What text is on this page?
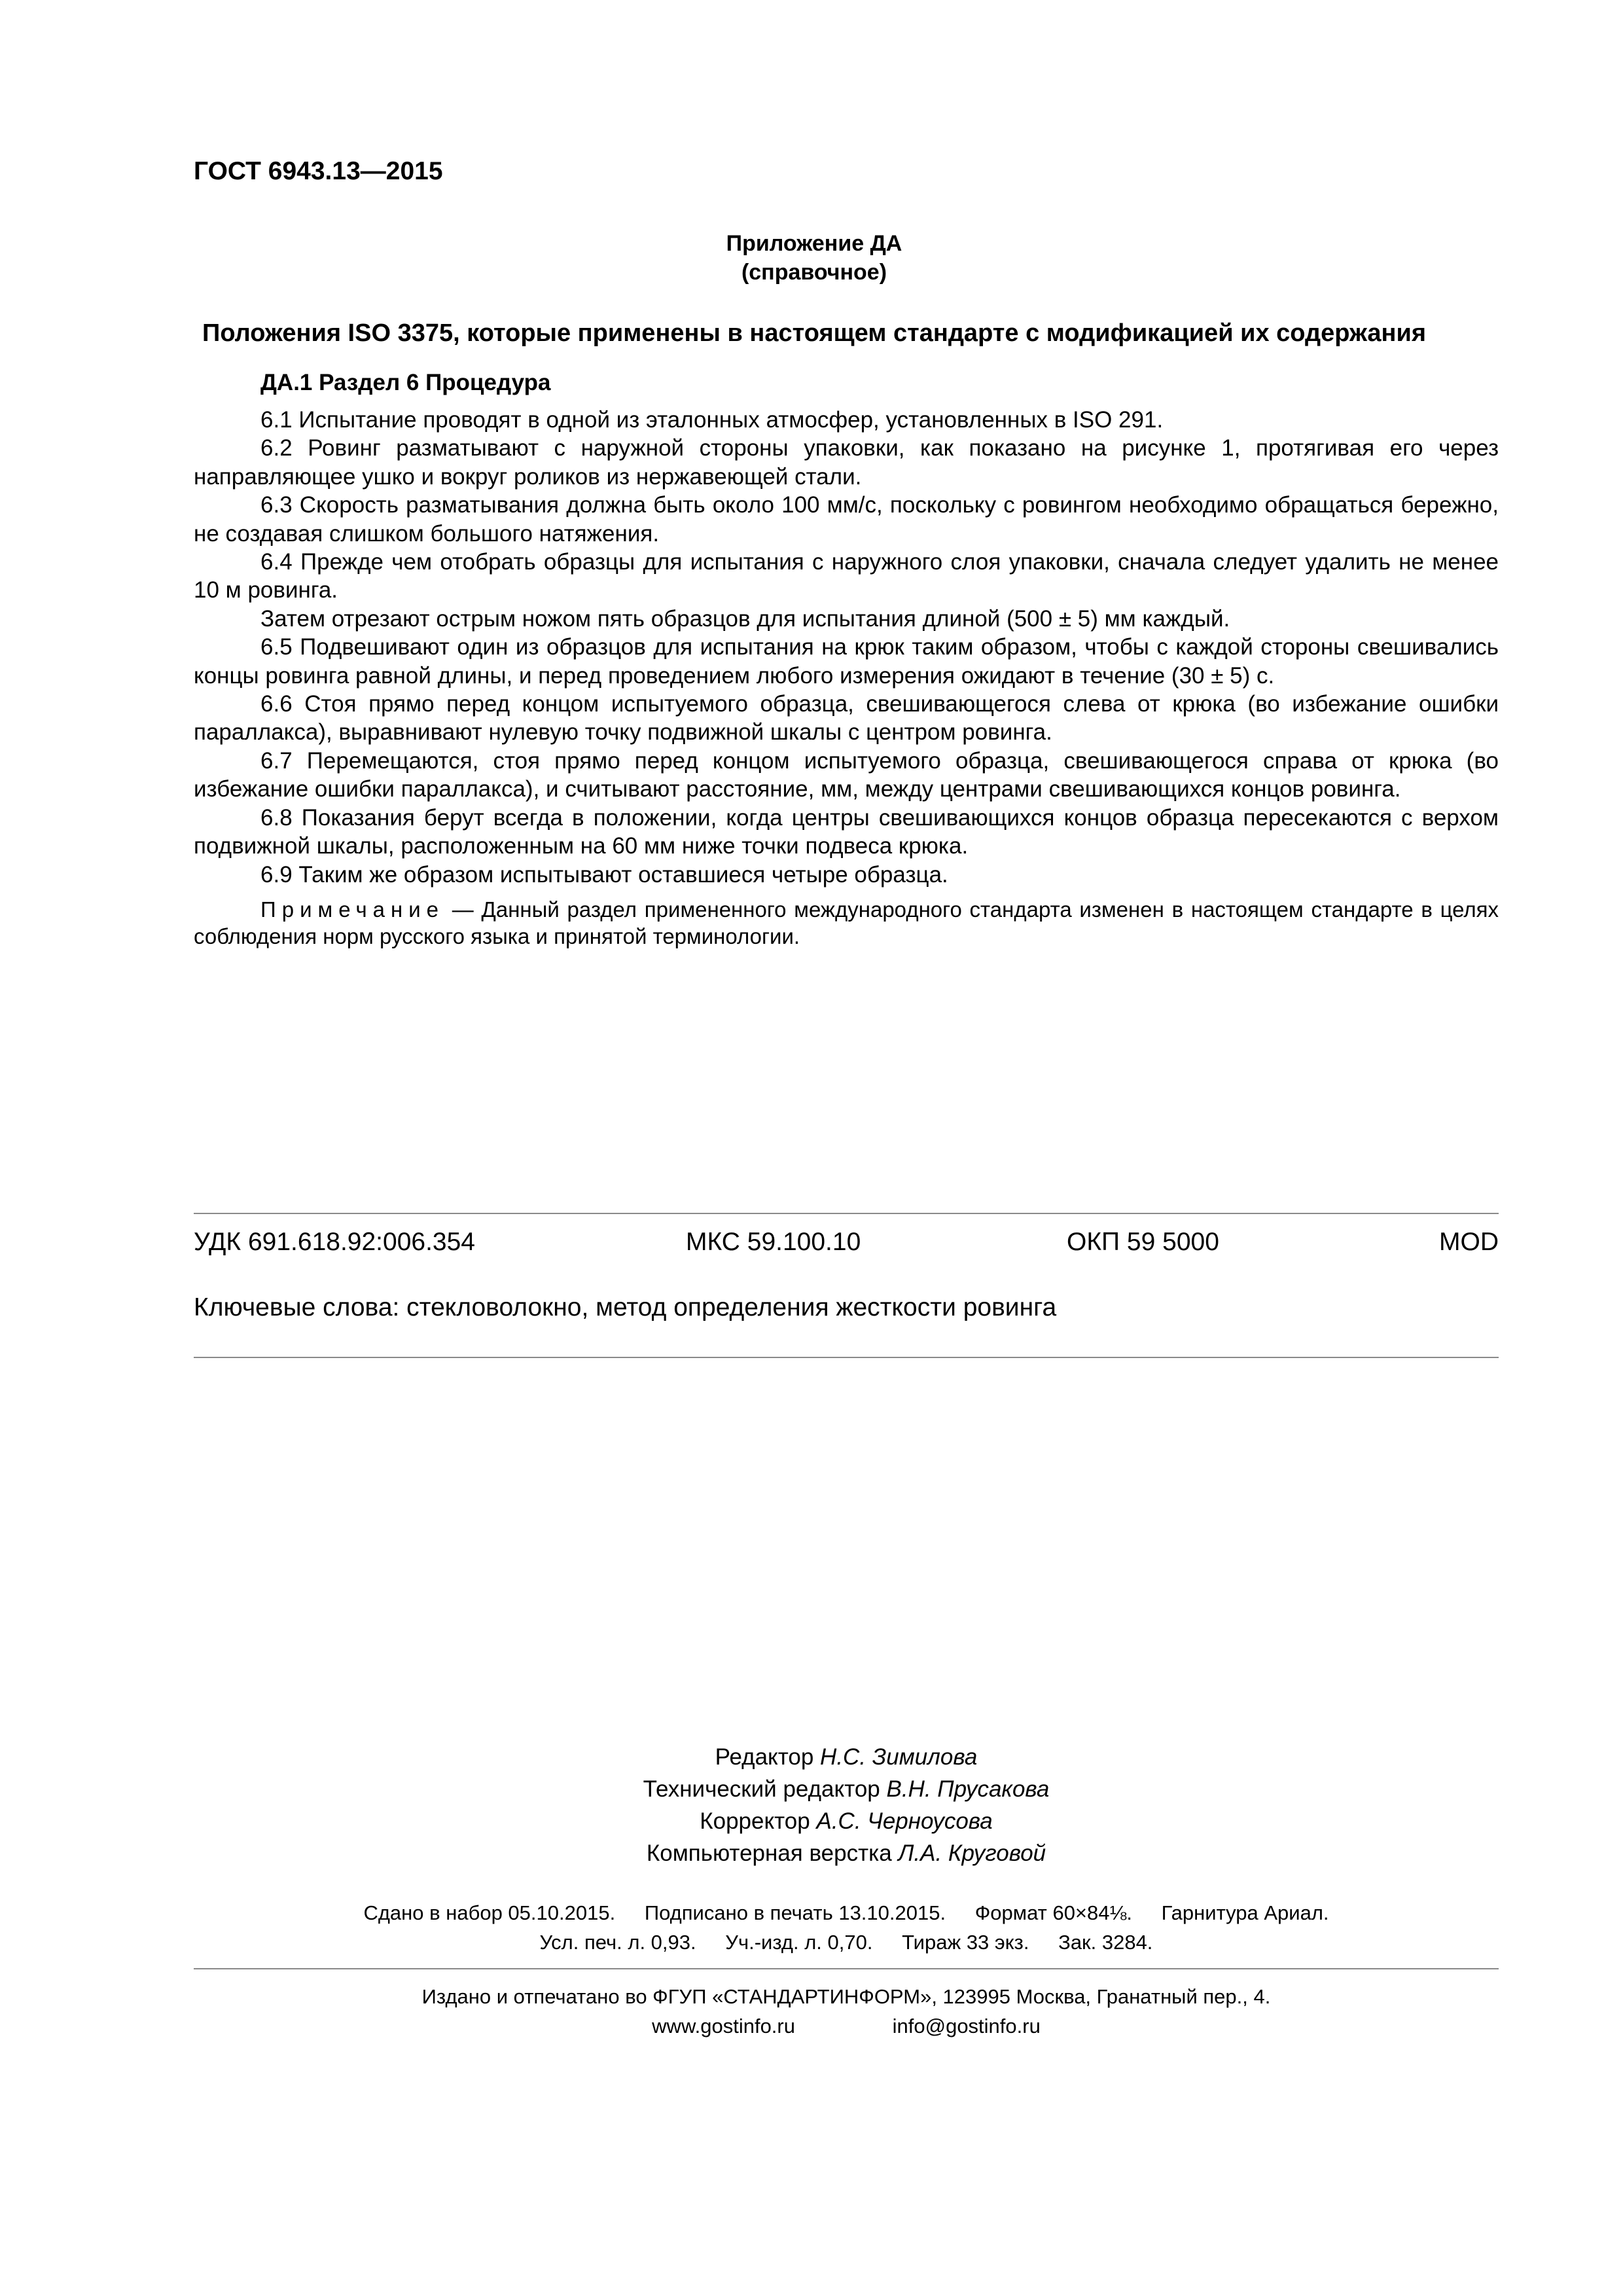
ГОСТ 6943.13—2015
Приложение ДА
(справочное)
Положения ISO 3375, которые применены в настоящем стандарте с модификацией их содержания
ДА.1 Раздел 6 Процедура

6.1 Испытание проводят в одной из эталонных атмосфер, установленных в ISO 291.

6.2 Ровинг разматывают с наружной стороны упаковки, как показано на рисунке 1, протягивая его через направляющее ушко и вокруг роликов из нержавеющей стали.

6.3 Скорость разматывания должна быть около 100 мм/с, поскольку с ровингом необходимо обращаться бережно, не создавая слишком большого натяжения.

6.4 Прежде чем отобрать образцы для испытания с наружного слоя упаковки, сначала следует удалить не менее 10 м ровинга.

Затем отрезают острым ножом пять образцов для испытания длиной (500 ± 5) мм каждый.

6.5 Подвешивают один из образцов для испытания на крюк таким образом, чтобы с каждой стороны свешивались концы ровинга равной длины, и перед проведением любого измерения ожидают в течение (30 ± 5) с.

6.6 Стоя прямо перед концом испытуемого образца, свешивающегося слева от крюка (во избежание ошибки параллакса), выравнивают нулевую точку подвижной шкалы с центром ровинга.

6.7 Перемещаются, стоя прямо перед концом испытуемого образца, свешивающегося справа от крюка (во избежание ошибки параллакса), и считывают расстояние, мм, между центрами свешивающихся концов ровинга.

6.8 Показания берут всегда в положении, когда центры свешивающихся концов образца пересекаются с верхом подвижной шкалы, расположенным на 60 мм ниже точки подвеса крюка.

6.9 Таким же образом испытывают оставшиеся четыре образца.

Примечание — Данный раздел примененного международного стандарта изменен в настоящем стандарте в целях соблюдения норм русского языка и принятой терминологии.

УДК 691.618.92:006.354	МКС 59.100.10	ОКП 59 5000	MOD
Ключевые слова: стекловолокно, метод определения жесткости ровинга
Редактор Н.С. Зимилова
Технический редактор В.Н. Прусакова
Корректор А.С. Черноусова
Компьютерная верстка Л.А. Круговой
Сдано в набор 05.10.2015. Подписано в печать 13.10.2015. Формат 60×84⅛. Гарнитура Ариал.
Усл. печ. л. 0,93. Уч.-изд. л. 0,70. Тираж 33 экз. Зак. 3284.
Издано и отпечатано во ФГУП «СТАНДАРТИНФОРМ», 123995 Москва, Гранатный пер., 4.
www.gostinfo.ru	info@gostinfo.ru
